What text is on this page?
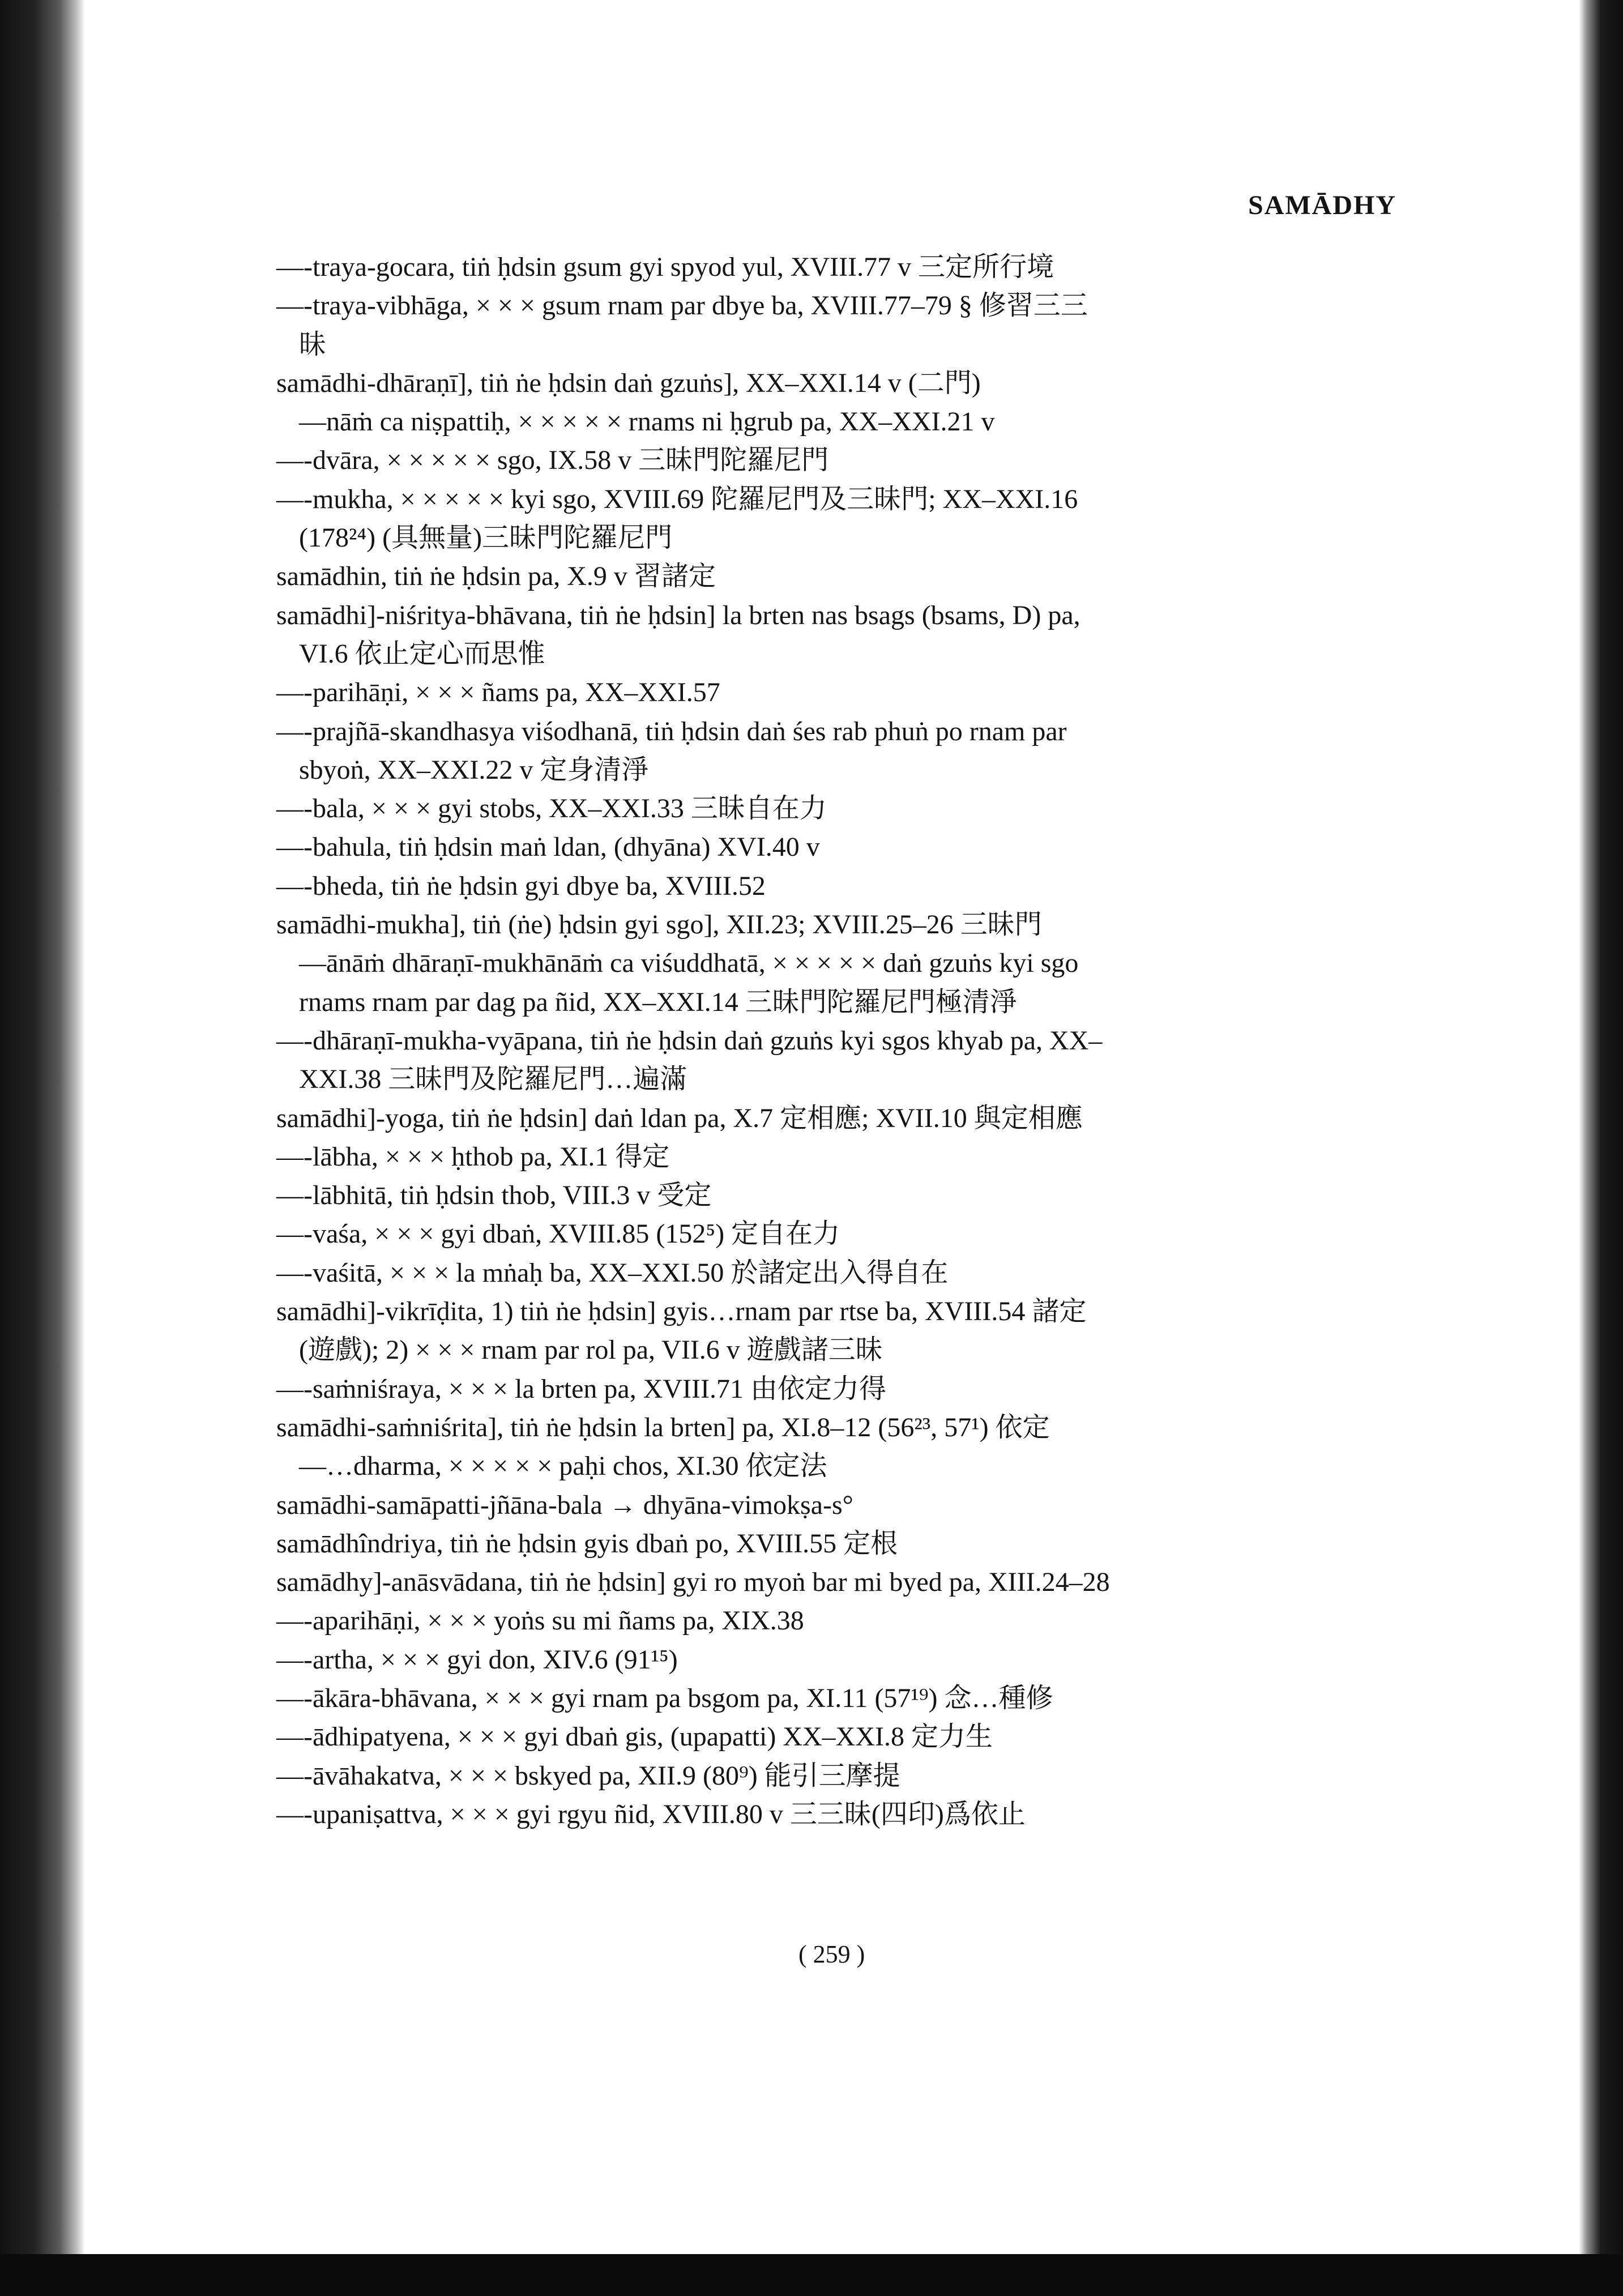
SAMĀDHY
—-traya-gocara, tiṅ ḥdsin gsum gyi spyod yul, XVIII.77 v 三定所行境
—-traya-vibhāga, × × × gsum rnam par dbye ba, XVIII.77–79 § 修習三三
昧
samādhi-dhāraṇī], tiṅ ṅe ḥdsin daṅ gzuṅs], XX–XXI.14 v (二門)
—nāṁ ca niṣpattiḥ, × × × × × rnams ni ḥgrub pa, XX–XXI.21 v
—-dvāra, × × × × × sgo, IX.58 v 三昧門陀羅尼門
—-mukha, × × × × × kyi sgo, XVIII.69 陀羅尼門及三昧門; XX–XXI.16
(178²⁴) (具無量)三昧門陀羅尼門
samādhin, tiṅ ṅe ḥdsin pa, X.9 v 習諸定
samādhi]-niśritya-bhāvana, tiṅ ṅe ḥdsin] la brten nas bsags (bsams, D) pa,
VI.6 依止定心而思惟
—-parihāṇi, × × × ñams pa, XX–XXI.57
—-prajñā-skandhasya viśodhanā, tiṅ ḥdsin daṅ śes rab phuṅ po rnam par
sbyoṅ, XX–XXI.22 v 定身清淨
—-bala, × × × gyi stobs, XX–XXI.33 三昧自在力
—-bahula, tiṅ ḥdsin maṅ ldan, (dhyāna) XVI.40 v
—-bheda, tiṅ ṅe ḥdsin gyi dbye ba, XVIII.52
samādhi-mukha], tiṅ (ṅe) ḥdsin gyi sgo], XII.23; XVIII.25–26 三昧門
—ānāṁ dhāraṇī-mukhānāṁ ca viśuddhatā, × × × × × daṅ gzuṅs kyi sgo
rnams rnam par dag pa ñid, XX–XXI.14 三昧門陀羅尼門極清淨
—-dhāraṇī-mukha-vyāpana, tiṅ ṅe ḥdsin daṅ gzuṅs kyi sgos khyab pa, XX–
XXI.38 三昧門及陀羅尼門…遍滿
samādhi]-yoga, tiṅ ṅe ḥdsin] daṅ ldan pa, X.7 定相應; XVII.10 與定相應
—-lābha, × × × ḥthob pa, XI.1 得定
—-lābhitā, tiṅ ḥdsin thob, VIII.3 v 受定
—-vaśa, × × × gyi dbaṅ, XVIII.85 (152⁵) 定自在力
—-vaśitā, × × × la mṅaḥ ba, XX–XXI.50 於諸定出入得自在
samādhi]-vikrīḍita, 1) tiṅ ṅe ḥdsin] gyis…rnam par rtse ba, XVIII.54 諸定
(遊戲); 2) × × × rnam par rol pa, VII.6 v 遊戲諸三昧
—-saṁniśraya, × × × la brten pa, XVIII.71 由依定力得
samādhi-saṁniśrita], tiṅ ṅe ḥdsin la brten] pa, XI.8–12 (56²³, 57¹) 依定
—…dharma, × × × × × paḥi chos, XI.30 依定法
samādhi-samāpatti-jñāna-bala → dhyāna-vimokṣa-s°
samādhîndriya, tiṅ ṅe ḥdsin gyis dbaṅ po, XVIII.55 定根
samādhy]-anāsvādana, tiṅ ṅe ḥdsin] gyi ro myoṅ bar mi byed pa, XIII.24–28
—-aparihāṇi, × × × yoṅs su mi ñams pa, XIX.38
—-artha, × × × gyi don, XIV.6 (91¹⁵)
—-ākāra-bhāvana, × × × gyi rnam pa bsgom pa, XI.11 (57¹⁹) 念…種修
—-ādhipatyena, × × × gyi dbaṅ gis, (upapatti) XX–XXI.8 定力生
—-āvāhakatva, × × × bskyed pa, XII.9 (80⁹) 能引三摩提
—-upaniṣattva, × × × gyi rgyu ñid, XVIII.80 v 三三昧(四印)爲依止
( 259 )
